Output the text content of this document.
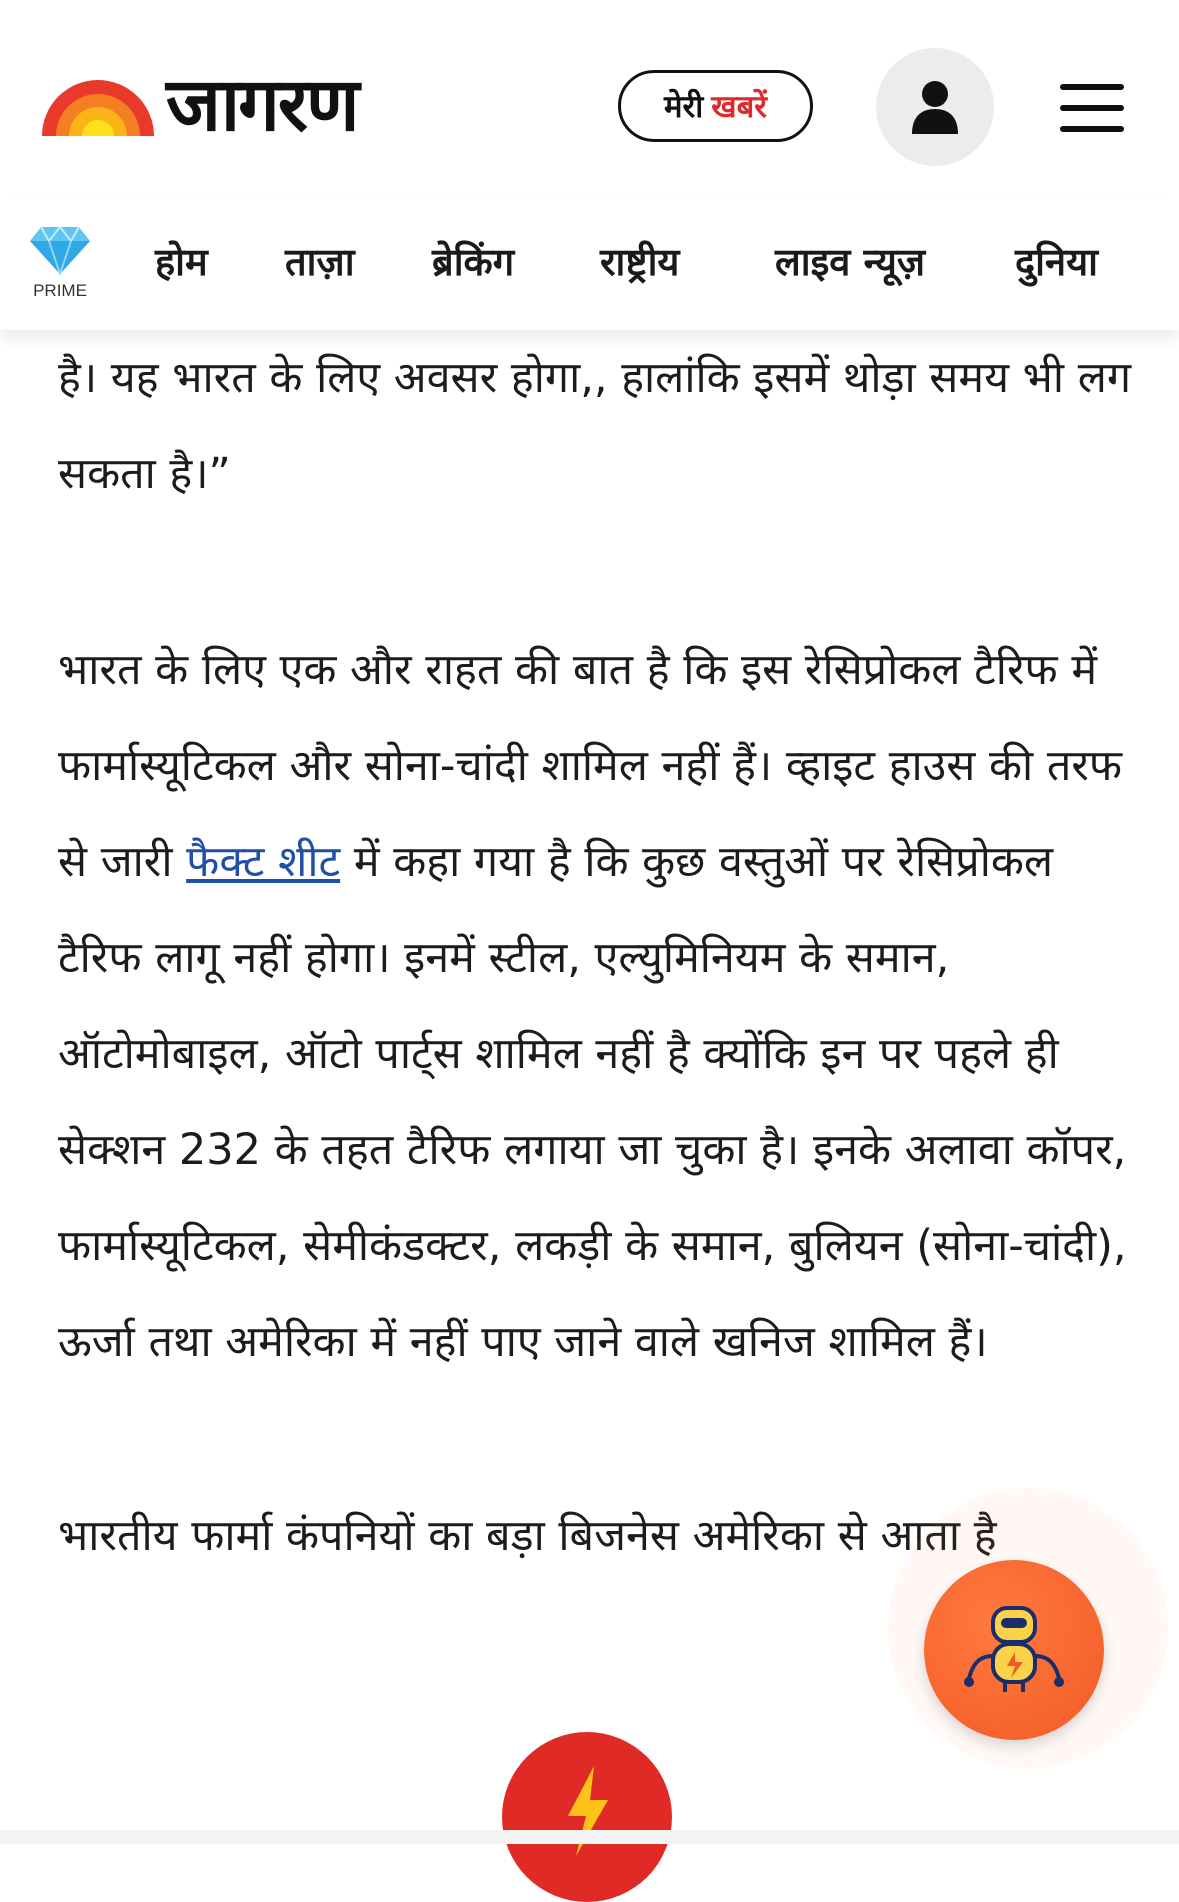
जागरण	मेरी खबरें
PRIME
होम ताज़ा ब्रेकिंग राष्ट्रीय	लाइव न्यूज़ दुनिया

है। यह भारत के लिए अवसर होगा,, हालांकि इसमें थोड़ा समय भी लग सकता है।”

भारत के लिए एक और राहत की बात है कि इस रेसिप्रोकल टैरिफ में फार्मास्यूटिकल और सोना-चांदी शामिल नहीं हैं। व्हाइट हाउस की तरफ से जारी फैक्ट शीट में कहा गया है कि कुछ वस्तुओं पर रेसिप्रोकल टैरिफ लागू नहीं होगा। इनमें स्टील, एल्युमिनियम के समान, ऑटोमोबाइल, ऑटो पार्ट्स शामिल नहीं है क्योंकि इन पर पहले ही सेक्शन 232 के तहत टैरिफ लगाया जा चुका है। इनके अलावा कॉपर, फार्मास्यूटिकल, सेमीकंडक्टर, लकड़ी के समान, बुलियन (सोना-चांदी), ऊर्जा तथा अमेरिका में नहीं पाए जाने वाले खनिज शामिल हैं।

भारतीय फार्मा कंपनियों का बड़ा बिजनेस अमेरिका से आता है
